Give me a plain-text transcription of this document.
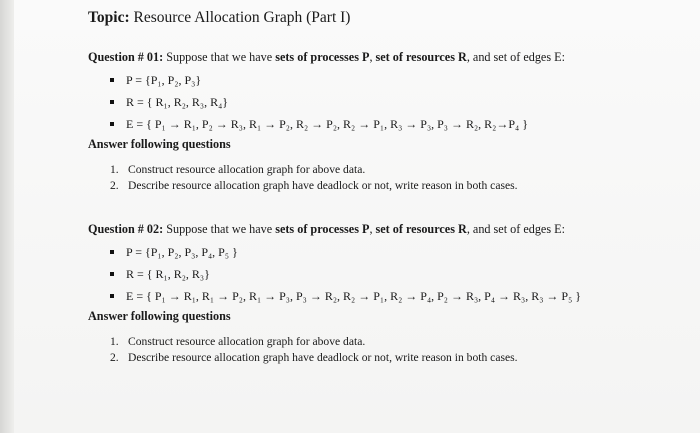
Topic: Resource Allocation Graph (Part I)

Question # 01: Suppose that we have sets of processes P, set of resources R, and set of edges E:

P = {P₁, P₂, P₃}
R = { R₁, R₂, R₃, R₄}
E = { P₁ → R₁, P₂ → R₃, R₁ → P₂, R₂ → P₂, R₂ → P₁, R₃ → P₃, P₃ → R₂, R₂→P₄ }

Answer following questions

1. Construct resource allocation graph for above data.
2. Describe resource allocation graph have deadlock or not, write reason in both cases.

Question # 02: Suppose that we have sets of processes P, set of resources R, and set of edges E:

P = {P₁, P₂, P₃, P₄, P₅ }
R = { R₁, R₂, R₃}
E = { P₁ → R₁, R₁ → P₂, R₁ → P₃, P₃ → R₂, R₂ → P₁, R₂ → P₄, P₂ → R₃, P₄ → R₃, R₃ → P₅ }

Answer following questions

1. Construct resource allocation graph for above data.
2. Describe resource allocation graph have deadlock or not, write reason in both cases.
